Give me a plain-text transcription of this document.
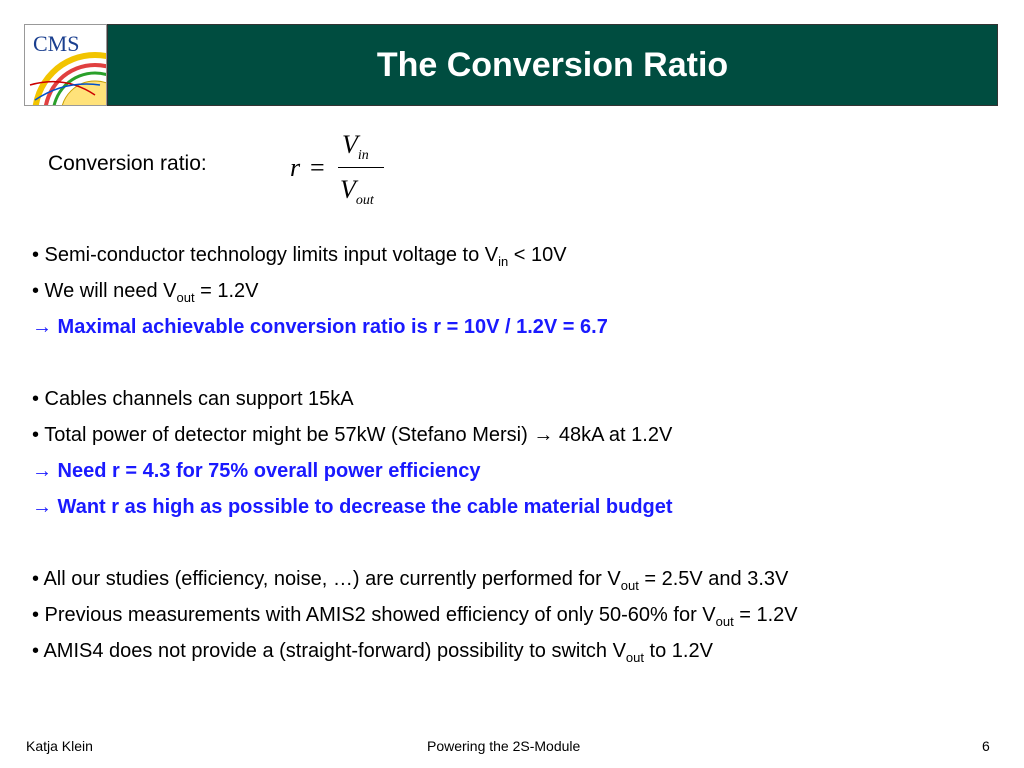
CMS
The Conversion Ratio
Conversion ratio:	r =
$V_{in}$
$V_{out}$
• Semi-conductor technology limits input voltage to $V_{in} < 10V$
• We will need $V_{out} = 1.2V$
→ Maximal achievable conversion ratio is r = 10V / 1.2V = 6.7
• Cables channels can support 15kA
• Total power of detector might be 57kW (Stefano Mersi) → 48kA at 1.2V
→ Need r = 4.3 for 75% overall power efficiency
→ Want r as high as possible to decrease the cable material budget
• All our studies (efficiency, noise, …) are currently performed for $V_{out} = 2.5V$ and 3.3V
• Previous measurements with AMIS2 showed efficiency of only 50-60% for $V_{out} = 1.2V$
• AMIS4 does not provide a (straight-forward) possibility to switch $V_{out}$ to 1.2V
Katja Klein	Powering the 2S-Module	6
